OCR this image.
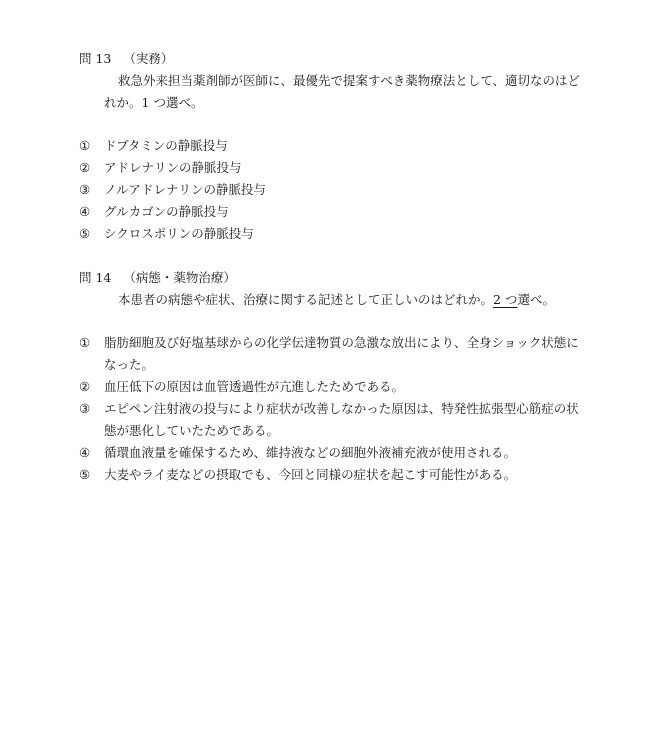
問 13 （実務）
救急外来担当薬剤師が医師に、最優先で提案すべき薬物療法として、適切なのはど
れか。1 つ選べ。
①	ドブタミンの静脈投与
②	アドレナリンの静脈投与
③	ノルアドレナリンの静脈投与
④	グルカゴンの静脈投与
⑤	シクロスポリンの静脈投与
問 14 （病態・薬物治療）
本患者の病態や症状、治療に関する記述として正しいのはどれか。2 つ選べ。
①	脂肪細胞及び好塩基球からの化学伝達物質の急激な放出により、全身ショック状態に
なった。
②	血圧低下の原因は血管透過性が亢進したためである。
③	エピペン注射液の投与により症状が改善しなかった原因は、特発性拡張型心筋症の状
態が悪化していたためである。
④	循環血液量を確保するため、維持液などの細胞外液補充液が使用される。
⑤	大麦やライ麦などの摂取でも、今回と同様の症状を起こす可能性がある。
